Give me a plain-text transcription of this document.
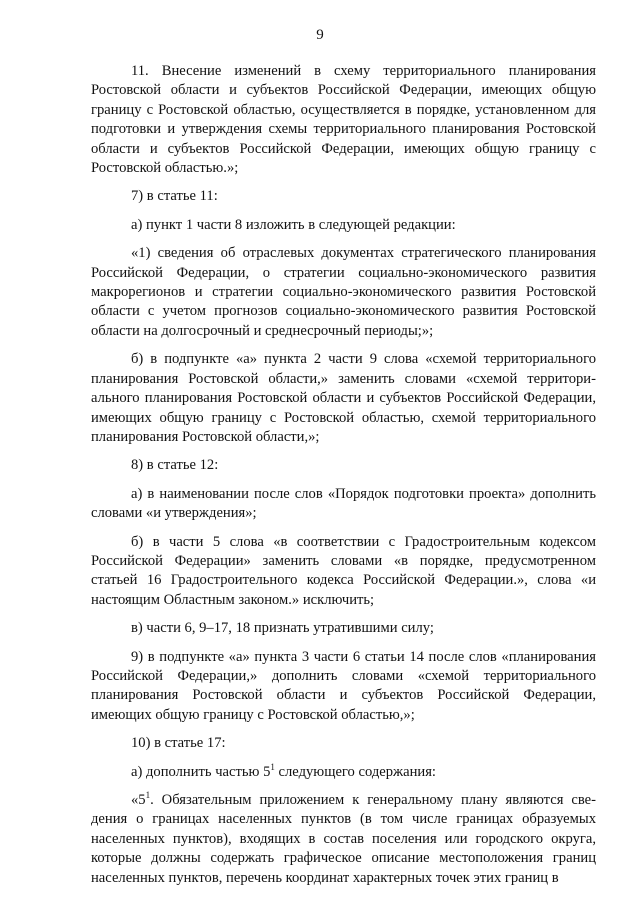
9

11. Внесение изменений в схему территориального планирования Ростовской области и субъектов Российской Федерации, имеющих общую границу с Ростовской областью, осуществляется в порядке, установленном для подготовки и утверждения схемы территориального планирования Ростовской области и субъектов Российской Федерации, имеющих общую границу с Ростовской областью.»;

7) в статье 11:

а) пункт 1 части 8 изложить в следующей редакции:

«1) сведения об отраслевых документах стратегического планирования Российской Федерации, о стратегии социально-экономического развития макрорегионов и стратегии социально-экономического развития Ростовской области с учетом прогнозов социально-экономического развития Ростовской области на долгосрочный и среднесрочный периоды;»;

б) в подпункте «а» пункта 2 части 9 слова «схемой территориального планирования Ростовской области,» заменить словами «схемой территориального планирования Ростовской области и субъектов Российской Федерации, имеющих общую границу с Ростовской областью, схемой территориального планирования Ростовской области,»;

8) в статье 12:

а) в наименовании после слов «Порядок подготовки проекта» дополнить словами «и утверждения»;

б) в части 5 слова «в соответствии с Градостроительным кодексом Российской Федерации» заменить словами «в порядке, предусмотренном статьей 16 Градостроительного кодекса Российской Федерации.», слова «и настоящим Областным законом.» исключить;

в) части 6, 9–17, 18 признать утратившими силу;

9) в подпункте «а» пункта 3 части 6 статьи 14 после слов «планирования Российской Федерации,» дополнить словами «схемой территориального планирования Ростовской области и субъектов Российской Федерации, имеющих общую границу с Ростовской областью,»;

10) в статье 17:

а) дополнить частью $5^1$ следующего содержания:

«$5^1$. Обязательным приложением к генеральному плану являются сведения о границах населенных пунктов (в том числе границах образуемых населенных пунктов), входящих в состав поселения или городского округа, которые должны содержать графическое описание местоположения границ населенных пунктов, перечень координат характерных точек этих границ в
